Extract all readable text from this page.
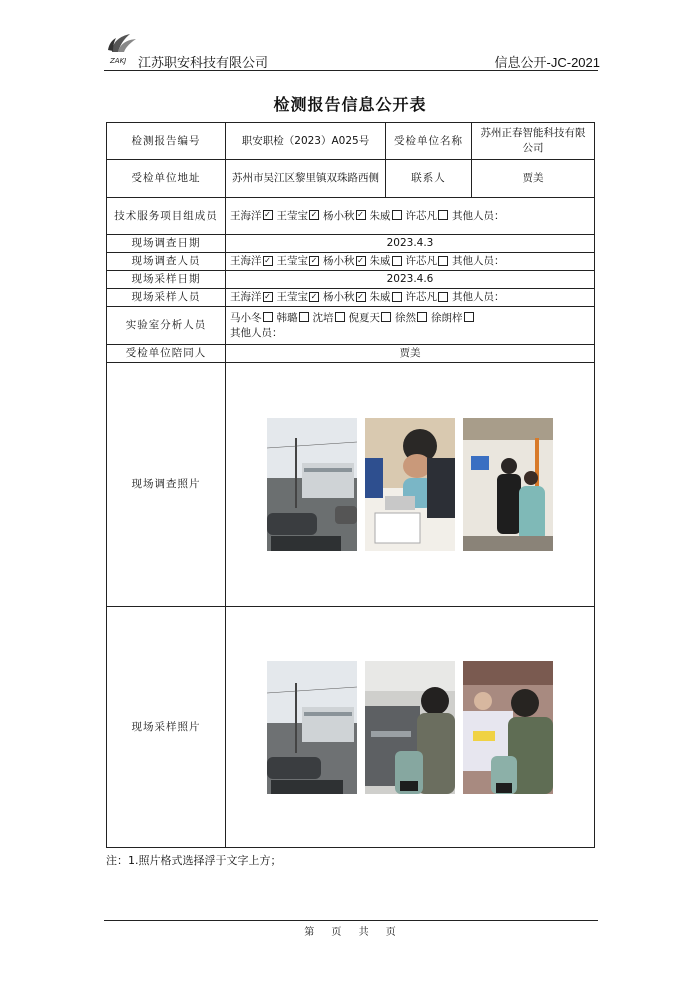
ZAKJ 江苏职安科技有限公司	信息公开-JC-2021
检测报告信息公开表
检测报告编号	职安职检（2023）A025号	受检单位名称	苏州正春智能科技有限公司
受检单位地址	苏州市吴江区黎里镇双珠路西侧	联系人	贾美
技术服务项目组成员	王海洋 ✓ 王莹宝 ✓ 杨小秋 ✓ 朱威 许芯凡 其他人员：		
现场调查日期	2023.4.3		
现场调查人员	王海洋 ✓ 王莹宝 ✓ 杨小秋 ✓ 朱威 许芯凡 其他人员：		
现场采样日期	2023.4.6		
现场采样人员	王海洋 ✓ 王莹宝 ✓ 杨小秋 ✓ 朱威 许芯凡 其他人员：		
实验室分析人员	马小冬 韩璐 沈培 倪夏天 徐然 徐朗梓
其他人员：		

受检单位陪同人	贾美		
现场调查照片	

现场采样照片	
注：1.照片格式选择浮于文字上方；
第 页 共 页
